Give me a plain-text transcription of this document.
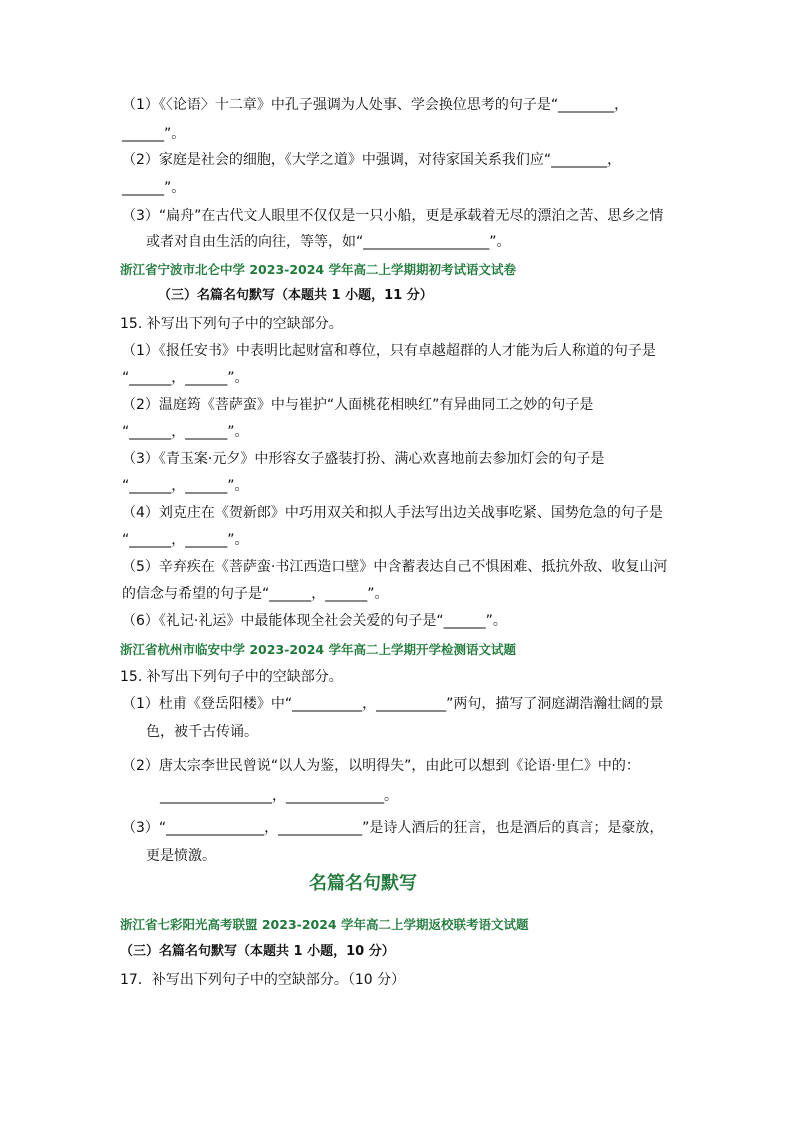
（1）《〈论语〉十二章》中孔子强调为人处事、学会换位思考的句子是“________，
______”。
（2）家庭是社会的细胞，《大学之道》中强调，对待家国关系我们应“________，
______”。
（3）“扁舟”在古代文人眼里不仅仅是一只小船，更是承载着无尽的漂泊之苦、思乡之情
或者对自由生活的向往，等等，如“__________________”。
浙江省宁波市北仑中学 2023-2024 学年高二上学期期初考试语文试卷
（三）名篇名句默写（本题共 1 小题，11 分）
15. 补写出下列句子中的空缺部分。
（1）《报任安书》中表明比起财富和尊位，只有卓越超群的人才能为后人称道的句子是
“______，______”。
（2）温庭筠《菩萨蛮》中与崔护“人面桃花相映红”有异曲同工之妙的句子是
“______，______”。
（3）《青玉案·元夕》中形容女子盛装打扮、满心欢喜地前去参加灯会的句子是
“______，______”。
（4）刘克庄在《贺新郎》中巧用双关和拟人手法写出边关战事吃紧、国势危急的句子是
“______，______”。
（5）辛弃疾在《菩萨蛮·书江西造口壁》中含蓄表达自己不惧困难、抵抗外敌、收复山河
的信念与希望的句子是“______，______”。
（6）《礼记·礼运》中最能体现全社会关爱的句子是“______”。
浙江省杭州市临安中学 2023-2024 学年高二上学期开学检测语文试题
15. 补写出下列句子中的空缺部分。
（1）杜甫《登岳阳楼》中“__________，__________”两句，描写了洞庭湖浩瀚壮阔的景
色，被千古传诵。
（2）唐太宗李世民曾说“以人为鉴，以明得失”，由此可以想到《论语·里仁》中的：
________________，______________。
（3）“______________，____________”是诗人酒后的狂言，也是酒后的真言；是豪放，
更是愤激。
名篇名句默写
浙江省七彩阳光高考联盟 2023-2024 学年高二上学期返校联考语文试题
（三）名篇名句默写（本题共 1 小题，10 分）
17．补写出下列句子中的空缺部分。（10 分）
